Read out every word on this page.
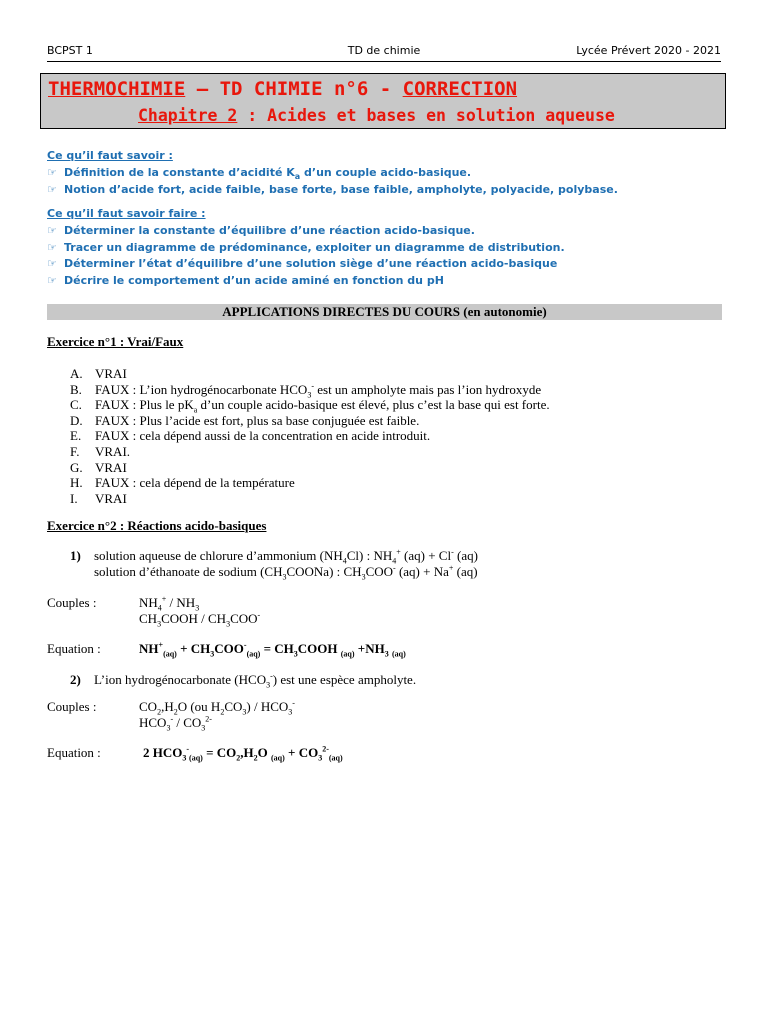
BCPST 1	TD de chimie	Lycée Prévert 2020 - 2021
THERMOCHIMIE – TD CHIMIE n°6 - CORRECTION
Chapitre 2 : Acides et bases en solution aqueuse
Ce qu’il faut savoir :
☞ Définition de la constante d’acidité $K_a$ d’un couple acido-basique.
☞ Notion d’acide fort, acide faible, base forte, base faible, ampholyte, polyacide, polybase.
Ce qu’il faut savoir faire :
☞ Déterminer la constante d’équilibre d’une réaction acido-basique.
☞ Tracer un diagramme de prédominance, exploiter un diagramme de distribution.
☞ Déterminer l’état d’équilibre d’une solution siège d’une réaction acido-basique
☞ Décrire le comportement d’un acide aminé en fonction du pH
APPLICATIONS DIRECTES DU COURS (en autonomie)
Exercice n°1 : Vrai/Faux
A. VRAI
B. FAUX : L’ion hydrogénocarbonate $HCO_3^-$ est un ampholyte mais pas l’ion hydroxyde
C. FAUX : Plus le $pK_a$ d’un couple acido-basique est élevé, plus c’est la base qui est forte.
D. FAUX : Plus l’acide est fort, plus sa base conjuguée est faible.
E. FAUX : cela dépend aussi de la concentration en acide introduit.
F. VRAI.
G. VRAI
H. FAUX : cela dépend de la température
I. VRAI
Exercice n°2 : Réactions acido-basiques
1) solution aqueuse de chlorure d’ammonium $(NH_4Cl)$ : $NH_4^+$ (aq) + Cl- (aq)
solution d’éthanoate de sodium $(CH_3COONa)$ : $CH_3COO^-$ (aq) + Na+ (aq)
Couples :	$NH_4^+ / NH_3$
$CH_3COOH / CH_3COO^-$
Equation :	$NH^+_{(aq)} + CH_3COO^-_{(aq)}$ = $CH_3COOH$ $_{(aq)} +NH_3$ $_{(aq)}$
2) L’ion hydrogénocarbonate $(HCO_3^-)$ est une espèce ampholyte.
Couples :	$CO_2,H_2O$ (ou $H_2CO_3) / HCO_3^-$
$HCO_3^- / CO_3^{2-}$
Equation :	2 $HCO_3^-_{(aq)} = CO_2,H_2O$ $_{(aq)} + CO_3^{2-}_{(aq)}$
